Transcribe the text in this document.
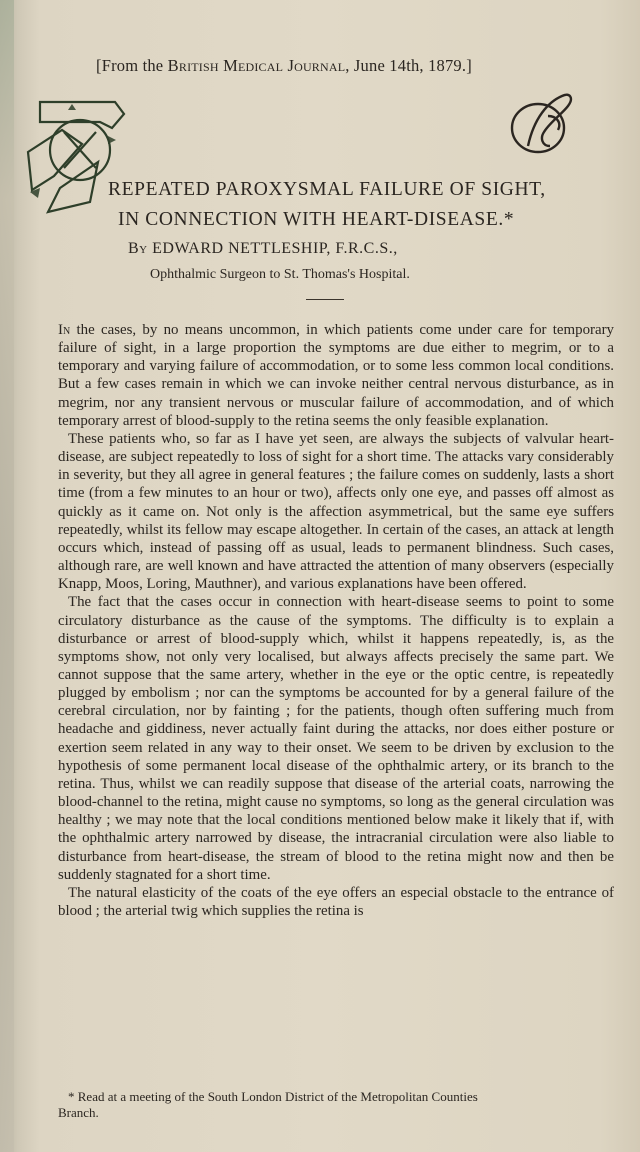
[From the British Medical Journal, June 14th, 1879.]
REPEATED PAROXYSMAL FAILURE OF SIGHT,
IN CONNECTION WITH HEART-DISEASE.*
By EDWARD NETTLESHIP, F.R.C.S.,
Ophthalmic Surgeon to St. Thomas's Hospital.

In the cases, by no means uncommon, in which patients come under care for temporary failure of sight, in a large proportion the symptoms are due either to megrim, or to a temporary and varying failure of accommodation, or to some less common local conditions. But a few cases remain in which we can invoke neither central nervous disturbance, as in megrim, nor any transient nervous or muscular failure of accommodation, and of which temporary arrest of blood-supply to the retina seems the only feasible explanation.

These patients who, so far as I have yet seen, are always the subjects of valvular heart-disease, are subject repeatedly to loss of sight for a short time. The attacks vary considerably in severity, but they all agree in general features ; the failure comes on suddenly, lasts a short time (from a few minutes to an hour or two), affects only one eye, and passes off almost as quickly as it came on. Not only is the affection asymmetrical, but the same eye suffers repeatedly, whilst its fellow may escape altogether. In certain of the cases, an attack at length occurs which, instead of passing off as usual, leads to permanent blindness. Such cases, although rare, are well known and have attracted the attention of many observers (especially Knapp, Moos, Loring, Mauthner), and various explanations have been offered.

The fact that the cases occur in connection with heart-disease seems to point to some circulatory disturbance as the cause of the symptoms. The difficulty is to explain a disturbance or arrest of blood-supply which, whilst it happens repeatedly, is, as the symptoms show, not only very localised, but always affects precisely the same part. We cannot suppose that the same artery, whether in the eye or the optic centre, is repeatedly plugged by embolism ; nor can the symptoms be accounted for by a general failure of the cerebral circulation, nor by fainting ; for the patients, though often suffering much from headache and giddiness, never actually faint during the attacks, nor does either posture or exertion seem related in any way to their onset. We seem to be driven by exclusion to the hypothesis of some permanent local disease of the ophthalmic artery, or its branch to the retina. Thus, whilst we can readily suppose that disease of the arterial coats, narrowing the blood-channel to the retina, might cause no symptoms, so long as the general circulation was healthy ; we may note that the local conditions mentioned below make it likely that if, with the ophthalmic artery narrowed by disease, the intracranial circulation were also liable to disturbance from heart-disease, the stream of blood to the retina might now and then be suddenly stagnated for a short time.

The natural elasticity of the coats of the eye offers an especial obstacle to the entrance of blood ; the arterial twig which supplies the retina is

* Read at a meeting of the South London District of the Metropolitan Counties
Branch.
